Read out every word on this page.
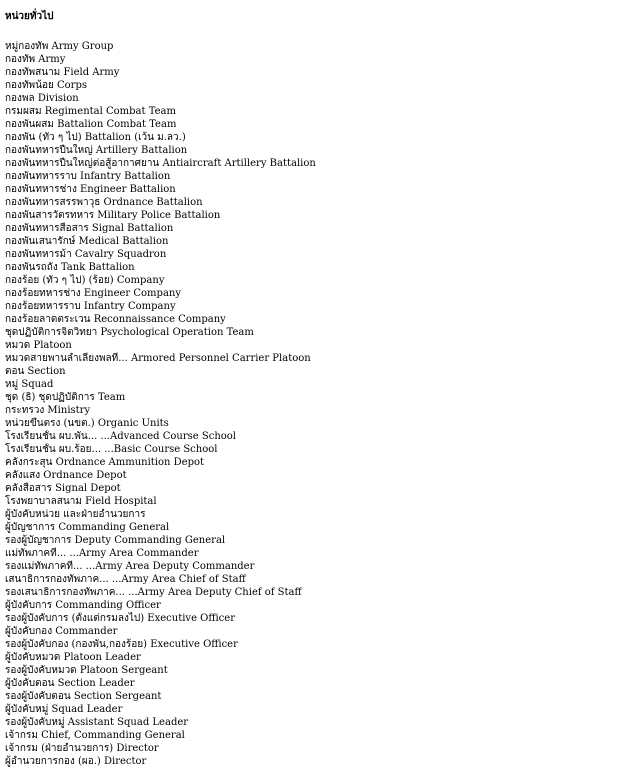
หน่วยทั่วไป
หมู่กองทัพ Army Group
กองทัพ Army
กองทัพสนาม Field Army
กองทัพน้อย Corps
กองพล Division
กรมผสม Regimental Combat Team
กองพันผสม Battalion Combat Team
กองพัน (ทั่ว ๆ ไป) Battalion (เว้น ม.ลว.)
กองพันทหารปืนใหญ่ Artillery Battalion
กองพันทหารปืนใหญ่ต่อสู้อากาศยาน Antiaircraft Artillery Battalion
กองพันทหารราบ Infantry Battalion
กองพันทหารช่าง Engineer Battalion
กองพันทหารสรรพาวุธ Ordnance Battalion
กองพันสารวัตรทหาร Military Police Battalion
กองพันทหารสื่อสาร Signal Battalion
กองพันเสนารักษ์ Medical Battalion
กองพันทหารม้า Cavalry Squadron
กองพันรถถัง Tank Battalion
กองร้อย (ทั่ว ๆ ไป) (ร้อย) Company
กองร้อยทหารช่าง Engineer Company
กองร้อยทหารราบ Infantry Company
กองร้อยลาดตระเวน Reconnaissance Company
ชุดปฏิบัติการจิตวิทยา Psychological Operation Team
หมวด Platoon
หมวดสายพานลำเลียงพลที่... Armored Personnel Carrier Platoon
ตอน Section
หมู่ Squad
ชุด (ธิ) ชุดปฏิบัติการ Team
กระทรวง Ministry
หน่วยขึ้นตรง (นขต.) Organic Units
โรงเรียนชั้น ผบ.พัน... ...Advanced Course School
โรงเรียนชั้น ผบ.ร้อย... ...Basic Course School
คลังกระสุน Ordnance Ammunition Depot
คลังแสง Ordnance Depot
คลังสื่อสาร Signal Depot
โรงพยาบาลสนาม Field Hospital
ผู้บังคับหน่วย และฝ่ายอำนวยการ
ผู้บัญชาการ Commanding General
รองผู้บัญชาการ Deputy Commanding General
แม่ทัพภาคที่... ...Army Area Commander
รองแม่ทัพภาคที่... ...Army Area Deputy Commander
เสนาธิการกองทัพภาค... ...Army Area Chief of Staff
รองเสนาธิการกองทัพภาค... ...Army Area Deputy Chief of Staff
ผู้บังคับการ Commanding Officer
รองผู้บังคับการ (ตั้งแต่กรมลงไป) Executive Officer
ผู้บังคับกอง Commander
รองผู้บังคับกอง (กองพัน,กองร้อย) Executive Officer
ผู้บังคับหมวด Platoon Leader
รองผู้บังคับหมวด Platoon Sergeant
ผู้บังคับตอน Section Leader
รองผู้บังคับตอน Section Sergeant
ผู้บังคับหมู่ Squad Leader
รองผู้บังคับหมู่ Assistant Squad Leader
เจ้ากรม Chief, Commanding General
เจ้ากรม (ฝ่ายอำนวยการ) Director
ผู้อำนวยการกอง (ผอ.) Director
